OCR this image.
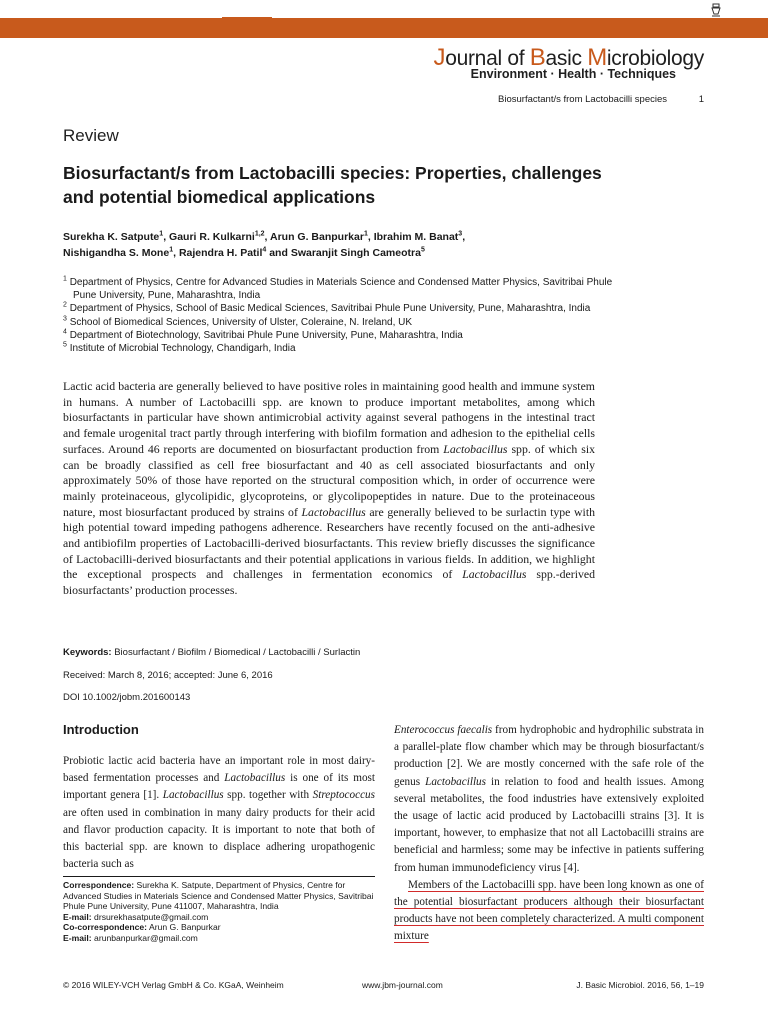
Journal of Basic Microbiology
Environment · Health · Techniques
Biosurfactant/s from Lactobacilli species	1
Review
Biosurfactant/s from Lactobacilli species: Properties, challenges and potential biomedical applications
Surekha K. Satpute$^1$, Gauri R. Kulkarni$^{1,2}$, Arun G. Banpurkar$^1$, Ibrahim M. Banat$^3$,
Nishigandha S. Mone$^1$, Rajendra H. Patil$^4$ and Swaranjit Singh Cameotra$^5$
$^1$ Department of Physics, Centre for Advanced Studies in Materials Science and Condensed Matter Physics, Savitribai Phule Pune University, Pune, Maharashtra, India
$^2$ Department of Physics, School of Basic Medical Sciences, Savitribai Phule Pune University, Pune, Maharashtra, India
$^3$ School of Biomedical Sciences, University of Ulster, Coleraine, N. Ireland, UK
$^4$ Department of Biotechnology, Savitribai Phule Pune University, Pune, Maharashtra, India
$^5$ Institute of Microbial Technology, Chandigarh, India
Lactic acid bacteria are generally believed to have positive roles in maintaining good health and immune system in humans. A number of Lactobacilli spp. are known to produce important metabolites, among which biosurfactants in particular have shown antimicrobial activity against several pathogens in the intestinal tract and female urogenital tract partly through interfering with biofilm formation and adhesion to the epithelial cells surfaces. Around 46 reports are documented on biosurfactant production from Lactobacillus spp. of which six can be broadly classified as cell free biosurfactant and 40 as cell associated biosurfactants and only approximately 50% of those have reported on the structural composition which, in order of occurrence were mainly proteinaceous, glycolipidic, glycoproteins, or glycolipopeptides in nature. Due to the proteinaceous nature, most biosurfactant produced by strains of Lactobacillus are generally believed to be surlactin type with high potential toward impeding pathogens adherence. Researchers have recently focused on the anti-adhesive and antibiofilm properties of Lactobacilli-derived biosurfactants. This review briefly discusses the significance of Lactobacilli-derived biosurfactants and their potential applications in various fields. In addition, we highlight the exceptional prospects and challenges in fermentation economics of Lactobacillus spp.-derived biosurfactants’ production processes.
Keywords: Biosurfactant / Biofilm / Biomedical / Lactobacilli / Surlactin
Received: March 8, 2016; accepted: June 6, 2016
DOI 10.1002/jobm.201600143
Introduction
Probiotic lactic acid bacteria have an important role in most dairy-based fermentation processes and Lactobacillus is one of its most important genera [1]. Lactobacillus spp. together with Streptococcus are often used in combination in many dairy products for their acid and flavor production capacity. It is important to note that both of this bacterial spp. are known to displace adhering uropathogenic bacteria such as

Enterococcus faecalis from hydrophobic and hydrophilic substrata in a parallel-plate flow chamber which may be through biosurfactant/s production [2]. We are mostly concerned with the safe role of the genus Lactobacillus in relation to food and health issues. Among several metabolites, the food industries have extensively exploited the usage of lactic acid produced by Lactobacilli strains [3]. It is important, however, to emphasize that not all Lactobacilli strains are beneficial and harmless; some may be infective in patients suffering from human immunodeficiency virus [4].

Members of the Lactobacilli spp. have been long known as one of the potential biosurfactant producers although their biosurfactant products have not been completely characterized. A multi component mixture

Correspondence: Surekha K. Satpute, Department of Physics, Centre for Advanced Studies in Materials Science and Condensed Matter Physics, Savitribai Phule Pune University, Pune 411007, Maharashtra, India
E-mail: drsurekhasatpute@gmail.com
Co-correspondence: Arun G. Banpurkar
E-mail: arunbanpurkar@gmail.com
© 2016 WILEY-VCH Verlag GmbH & Co. KGaA, Weinheim	www.jbm-journal.com	J. Basic Microbiol. 2016, 56, 1–19
